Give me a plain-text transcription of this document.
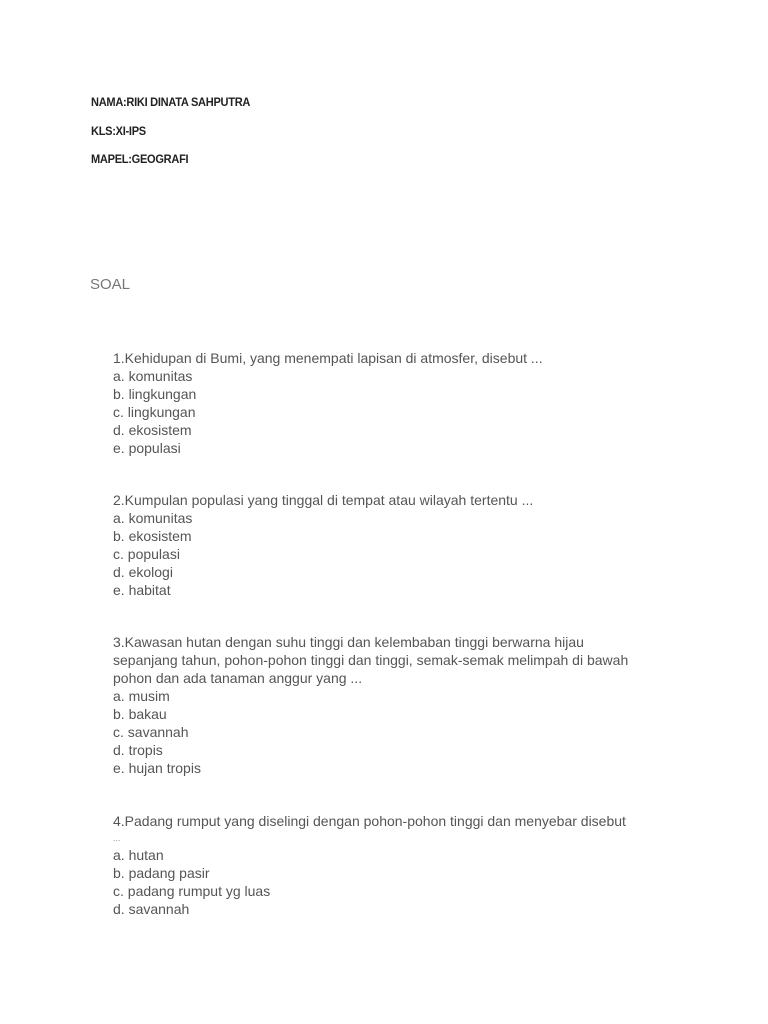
NAMA:RIKI DINATA SAHPUTRA
KLS:XI-IPS
MAPEL:GEOGRAFI
SOAL
1.Kehidupan di Bumi, yang menempati lapisan di atmosfer, disebut ...
a. komunitas
b. lingkungan
c. lingkungan
d. ekosistem
e. populasi
2.Kumpulan populasi yang tinggal di tempat atau wilayah tertentu ...
a. komunitas
b. ekosistem
c. populasi
d. ekologi
e. habitat
3.Kawasan hutan dengan suhu tinggi dan kelembaban tinggi berwarna hijau
sepanjang tahun, pohon-pohon tinggi dan tinggi, semak-semak melimpah di bawah
pohon dan ada tanaman anggur yang ...
a. musim
b. bakau
c. savannah
d. tropis
e. hujan tropis
4.Padang rumput yang diselingi dengan pohon-pohon tinggi dan menyebar disebut
...
a. hutan
b. padang pasir
c. padang rumput yg luas
d. savannah
